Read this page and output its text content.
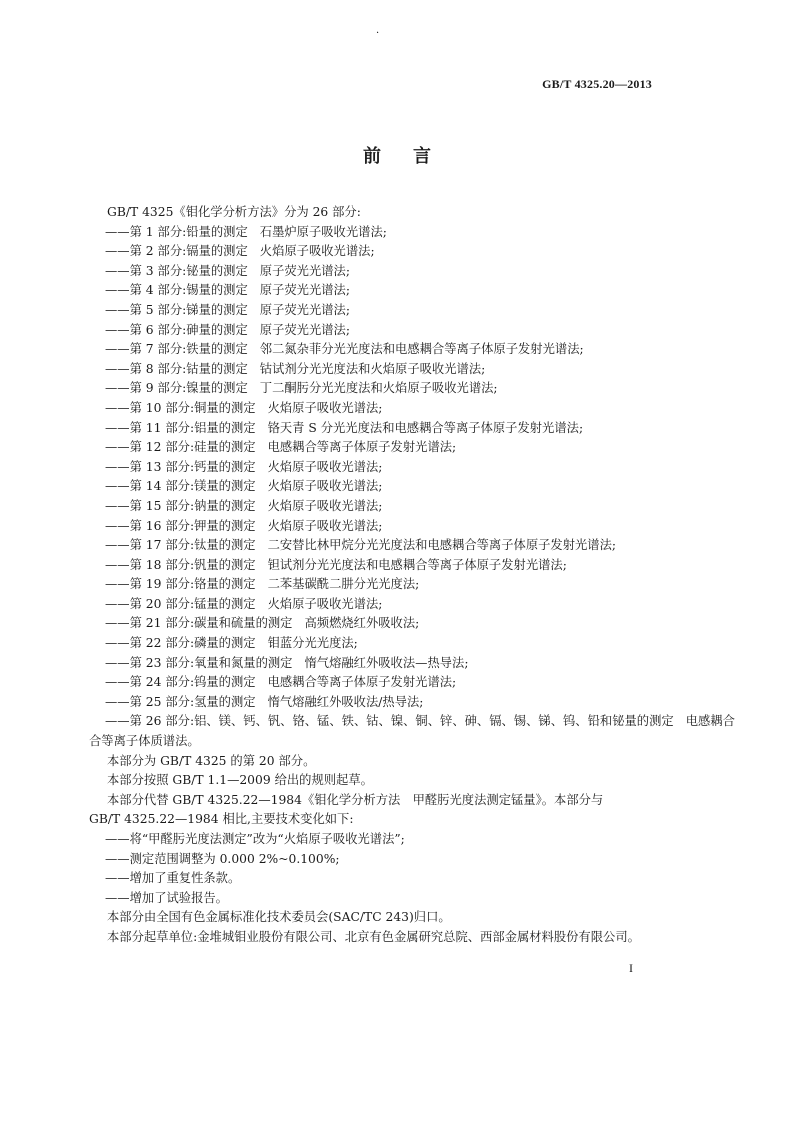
·
GB/T 4325.20—2013
前言
GB/T 4325《钼化学分析方法》分为 26 部分:
——第 1 部分:铅量的测定 石墨炉原子吸收光谱法;
——第 2 部分:镉量的测定 火焰原子吸收光谱法;
——第 3 部分:铋量的测定 原子荧光光谱法;
——第 4 部分:锡量的测定 原子荧光光谱法;
——第 5 部分:锑量的测定 原子荧光光谱法;
——第 6 部分:砷量的测定 原子荧光光谱法;
——第 7 部分:铁量的测定 邻二氮杂菲分光光度法和电感耦合等离子体原子发射光谱法;
——第 8 部分:钴量的测定 钴试剂分光光度法和火焰原子吸收光谱法;
——第 9 部分:镍量的测定 丁二酮肟分光光度法和火焰原子吸收光谱法;
——第 10 部分:铜量的测定 火焰原子吸收光谱法;
——第 11 部分:铝量的测定 铬天青 S 分光光度法和电感耦合等离子体原子发射光谱法;
——第 12 部分:硅量的测定 电感耦合等离子体原子发射光谱法;
——第 13 部分:钙量的测定 火焰原子吸收光谱法;
——第 14 部分:镁量的测定 火焰原子吸收光谱法;
——第 15 部分:钠量的测定 火焰原子吸收光谱法;
——第 16 部分:钾量的测定 火焰原子吸收光谱法;
——第 17 部分:钛量的测定 二安替比林甲烷分光光度法和电感耦合等离子体原子发射光谱法;
——第 18 部分:钒量的测定 钽试剂分光光度法和电感耦合等离子体原子发射光谱法;
——第 19 部分:铬量的测定 二苯基碳酰二肼分光光度法;
——第 20 部分:锰量的测定 火焰原子吸收光谱法;
——第 21 部分:碳量和硫量的测定 高频燃烧红外吸收法;
——第 22 部分:磷量的测定 钼蓝分光光度法;
——第 23 部分:氧量和氮量的测定 惰气熔融红外吸收法—热导法;
——第 24 部分:钨量的测定 电感耦合等离子体原子发射光谱法;
——第 25 部分:氢量的测定 惰气熔融红外吸收法/热导法;
——第 26 部分:铝、镁、钙、钒、铬、锰、铁、钴、镍、铜、锌、砷、镉、锡、锑、钨、铅和铋量的测定 电感耦合
合等离子体质谱法。
本部分为 GB/T 4325 的第 20 部分。
本部分按照 GB/T 1.1—2009 给出的规则起草。
本部分代替 GB/T 4325.22—1984《钼化学分析方法　甲醛肟光度法测定锰量》。本部分与
GB/T 4325.22—1984 相比,主要技术变化如下:
——将“甲醛肟光度法测定”改为“火焰原子吸收光谱法”;
——测定范围调整为 0.000 2%~0.100%;
——增加了重复性条款。
——增加了试验报告。
本部分由全国有色金属标准化技术委员会(SAC/TC 243)归口。
本部分起草单位:金堆城钼业股份有限公司、北京有色金属研究总院、西部金属材料股份有限公司。
I
